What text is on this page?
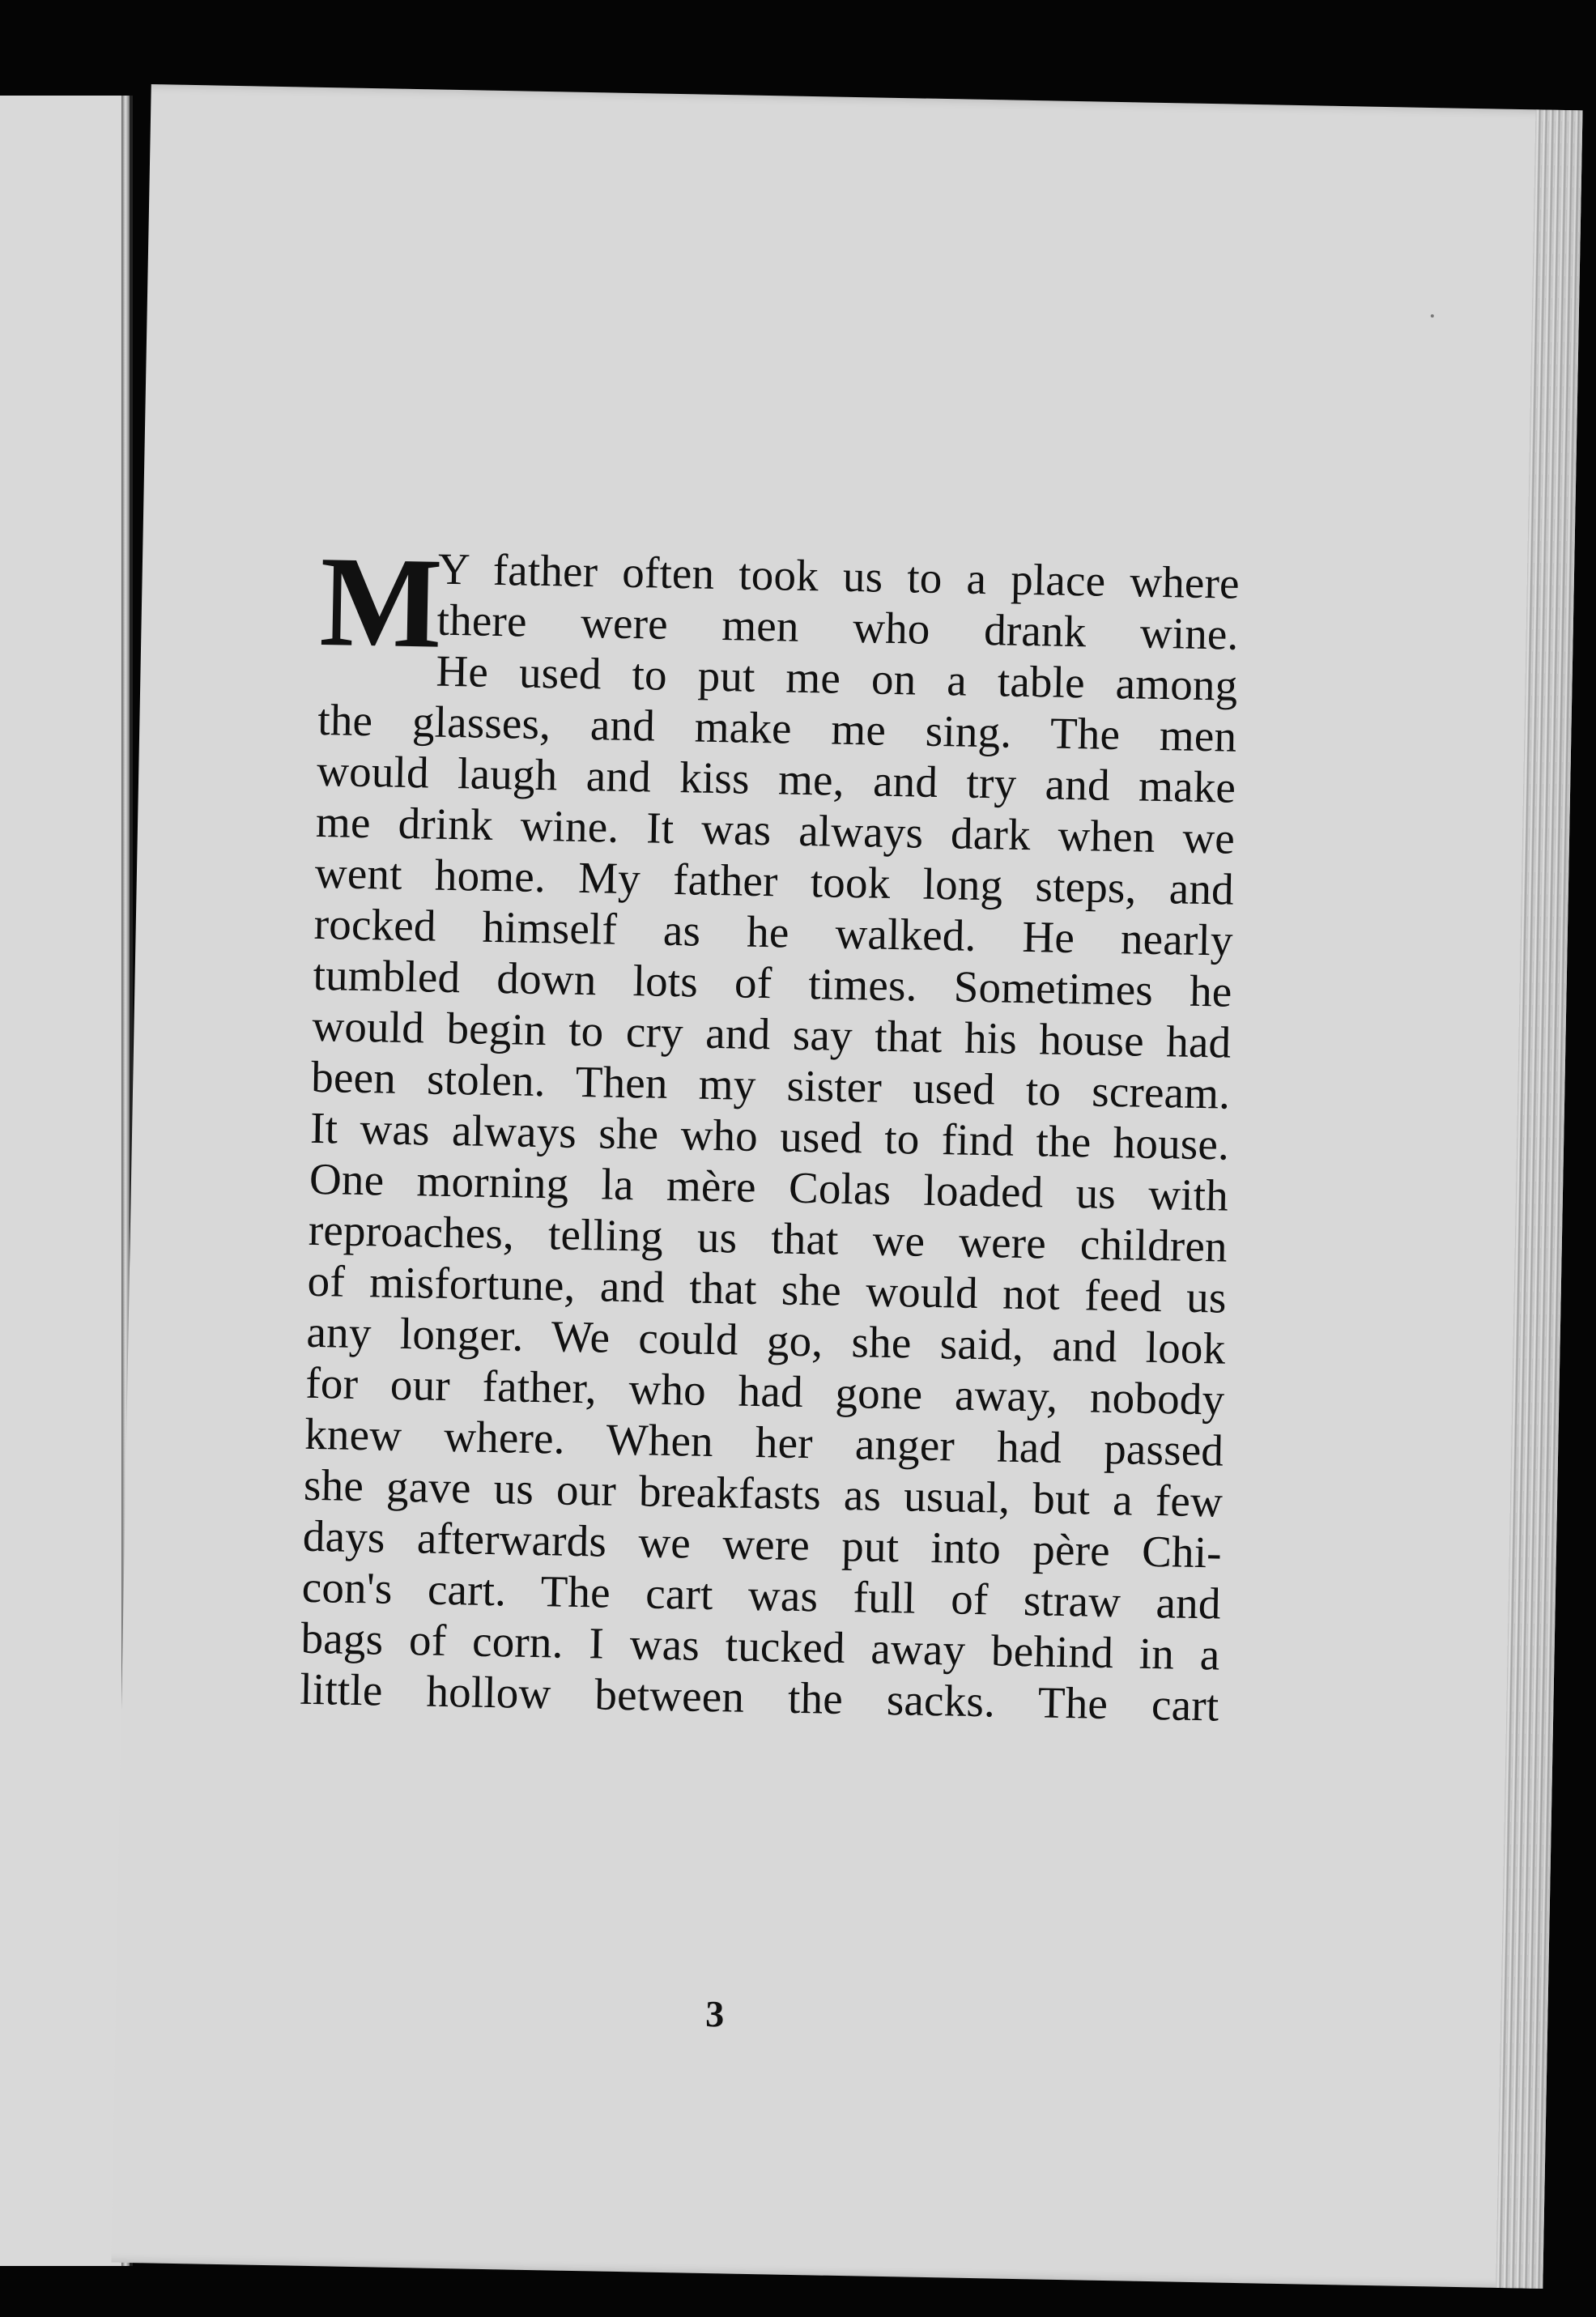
M
Y father often took us to a place where
there were men who drank wine.
He used to put me on a table among
the glasses, and make me sing. The men
would laugh and kiss me, and try and make
me drink wine. It was always dark when we
went home. My father took long steps, and
rocked himself as he walked. He nearly
tumbled down lots of times. Sometimes he
would begin to cry and say that his house had
been stolen. Then my sister used to scream.
It was always she who used to find the house.
One morning la mère Colas loaded us with
reproaches, telling us that we were children
of misfortune, and that she would not feed us
any longer. We could go, she said, and look
for our father, who had gone away, nobody
knew where. When her anger had passed
she gave us our breakfasts as usual, but a few
days afterwards we were put into père Chi-
con's cart. The cart was full of straw and
bags of corn. I was tucked away behind in a
little hollow between the sacks. The cart
3
